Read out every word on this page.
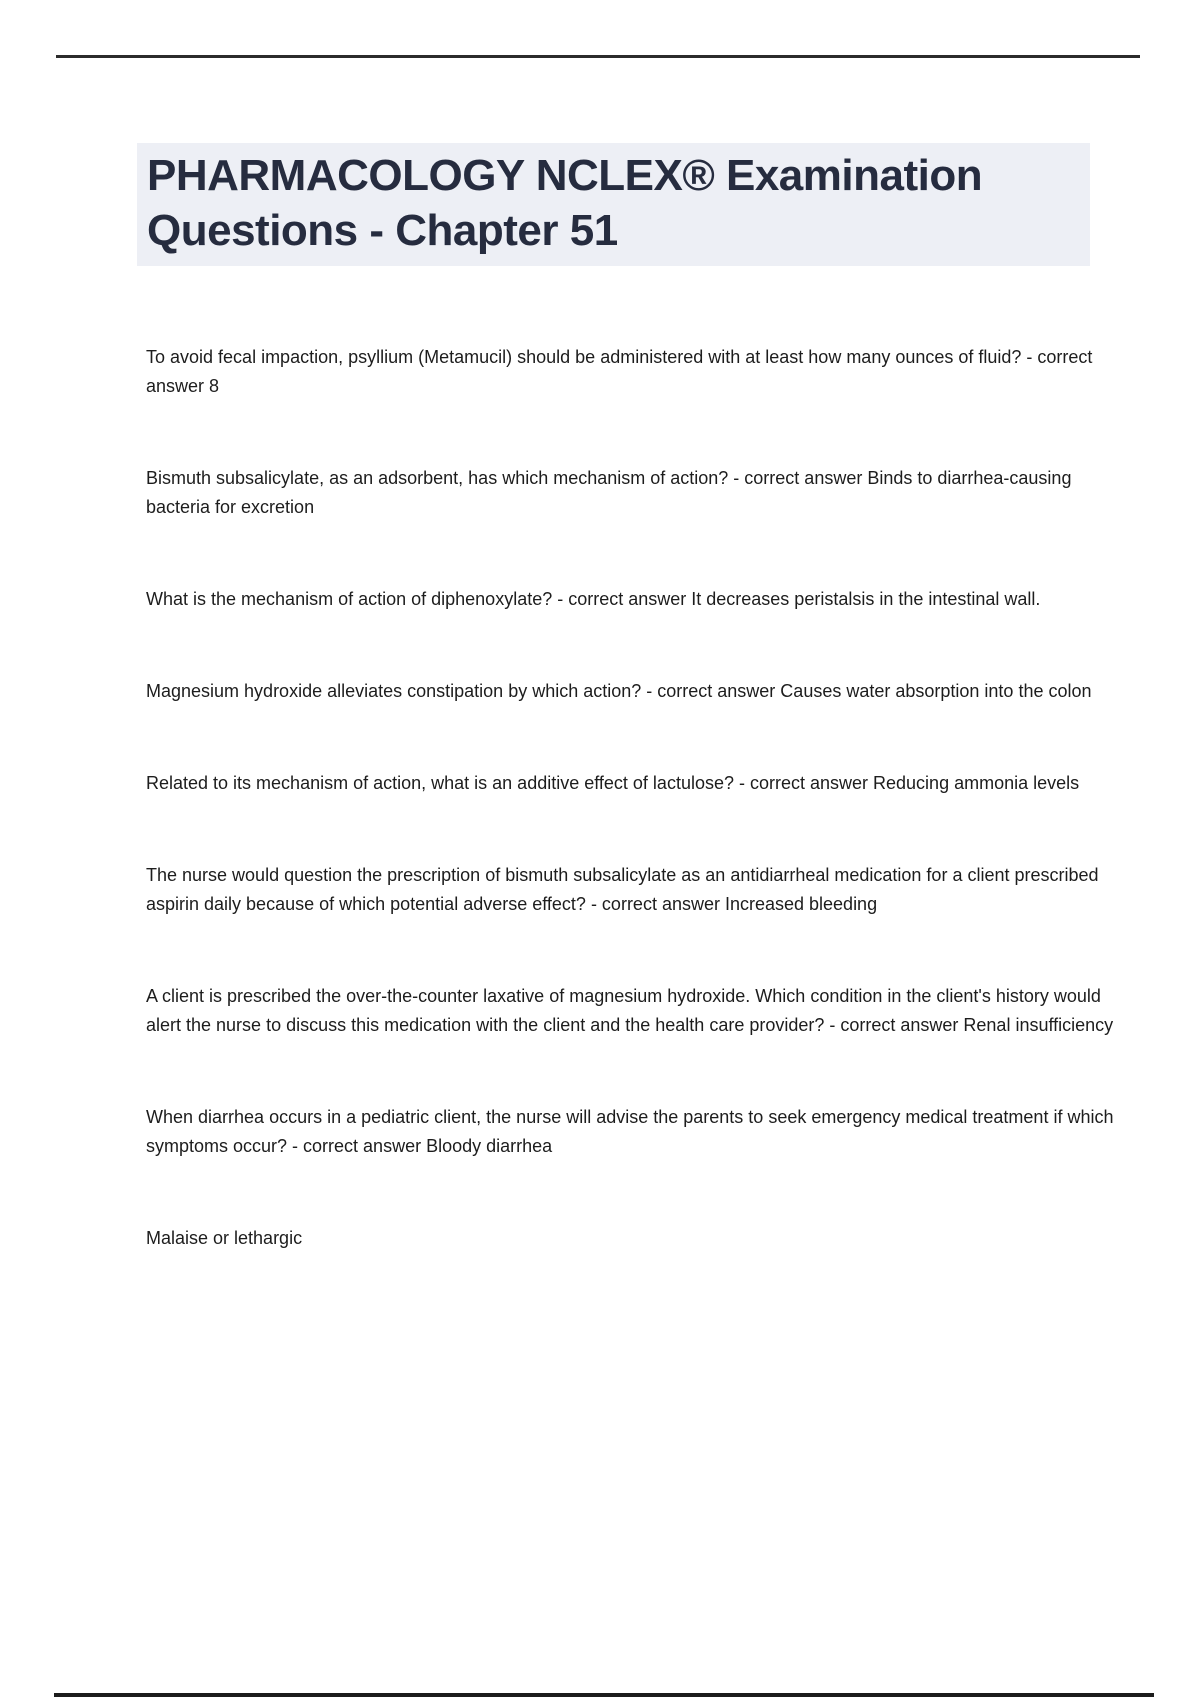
PHARMACOLOGY NCLEX® Examination Questions - Chapter 51

To avoid fecal impaction, psyllium (Metamucil) should be administered with at least how many ounces of fluid? - correct answer 8

Bismuth subsalicylate, as an adsorbent, has which mechanism of action? - correct answer Binds to diarrhea-causing bacteria for excretion

What is the mechanism of action of diphenoxylate? - correct answer It decreases peristalsis in the intestinal wall.

Magnesium hydroxide alleviates constipation by which action? - correct answer Causes water absorption into the colon

Related to its mechanism of action, what is an additive effect of lactulose? - correct answer Reducing ammonia levels

The nurse would question the prescription of bismuth subsalicylate as an antidiarrheal medication for a client prescribed aspirin daily because of which potential adverse effect? - correct answer Increased bleeding

A client is prescribed the over-the-counter laxative of magnesium hydroxide. Which condition in the client's history would alert the nurse to discuss this medication with the client and the health care provider? - correct answer Renal insufficiency

When diarrhea occurs in a pediatric client, the nurse will advise the parents to seek emergency medical treatment if which symptoms occur? - correct answer Bloody diarrhea

Malaise or lethargic
